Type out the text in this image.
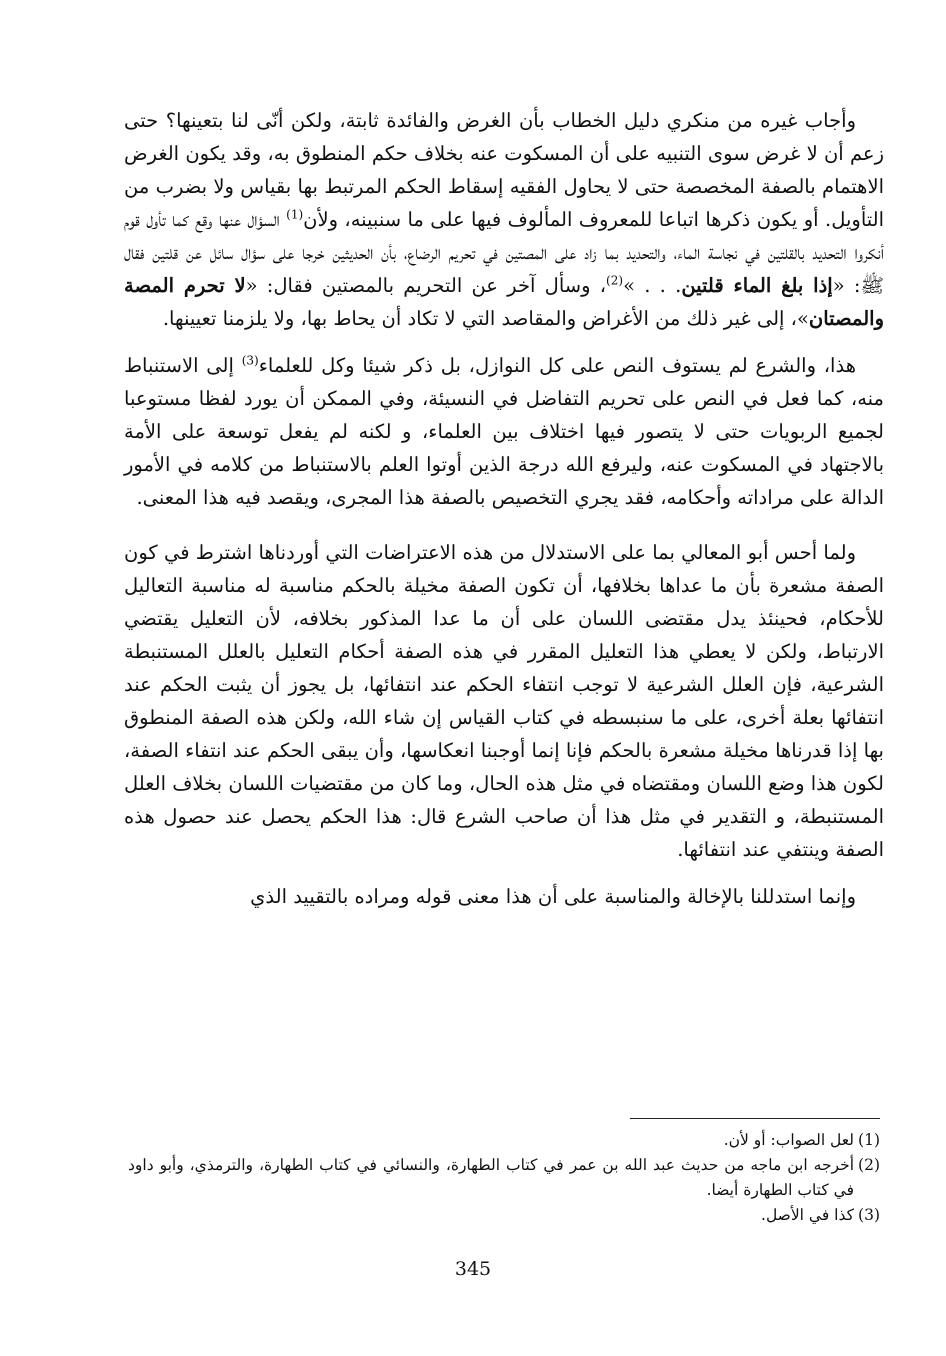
وأجاب غيره من منكري دليل الخطاب بأن الغرض والفائدة ثابتة، ولكن أنّى لنا بتعينها؟ حتى زعم أن لا غرض سوى التنبيه على أن المسكوت عنه بخلاف حكم المنطوق به، وقد يكون الغرض الاهتمام بالصفة المخصصة حتى لا يحاول الفقيه إسقاط الحكم المرتبط بها بقياس ولا بضرب من التأويل. أو يكون ذكرها اتباعا للمعروف المألوف فيها على ما سنبينه، ولأن$^{(1)}$ السؤال عنها وقع كما تأول قوم أنكروا التحديد بالقلتين في نجاسة الماء، والتحديد بما زاد على المصتين في تحريم الرضاع، بأن الحديثين خرجا على سؤال سائل عن قلتين فقال ﷺ: «إذا بلغ الماء قلتين. . . »$^{(2)}$، وسأل آخر عن التحريم بالمصتين فقال: «لا تحرم المصة والمصتان»، إلى غير ذلك من الأغراض والمقاصد التي لا تكاد أن يحاط بها، ولا يلزمنا تعيينها.
هذا، والشرع لم يستوف النص على كل النوازل، بل ذكر شيئا وكل للعلماء$^{(3)}$ إلى الاستنباط منه، كما فعل في النص على تحريم التفاضل في النسيئة، وفي الممكن أن يورد لفظا مستوعبا لجميع الربويات حتى لا يتصور فيها اختلاف بين العلماء، و لكنه لم يفعل توسعة على الأمة بالاجتهاد في المسكوت عنه، وليرفع الله درجة الذين أوتوا العلم بالاستنباط من كلامه في الأمور الدالة على مراداته وأحكامه، فقد يجري التخصيص بالصفة هذا المجرى، ويقصد فيه هذا المعنى.
ولما أحس أبو المعالي بما على الاستدلال من هذه الاعتراضات التي أوردناها اشترط في كون الصفة مشعرة بأن ما عداها بخلافها، أن تكون الصفة مخيلة بالحكم مناسبة له مناسبة التعاليل للأحكام، فحينئذ يدل مقتضى اللسان على أن ما عدا المذكور بخلافه، لأن التعليل يقتضي الارتباط، ولكن لا يعطي هذا التعليل المقرر في هذه الصفة أحكام التعليل بالعلل المستنبطة الشرعية، فإن العلل الشرعية لا توجب انتفاء الحكم عند انتفائها، بل يجوز أن يثبت الحكم عند انتفائها بعلة أخرى، على ما سنبسطه في كتاب القياس إن شاء الله، ولكن هذه الصفة المنطوق بها إذا قدرناها مخيلة مشعرة بالحكم فإنا إنما أوجبنا انعكاسها، وأن يبقى الحكم عند انتفاء الصفة، لكون هذا وضع اللسان ومقتضاه في مثل هذه الحال، وما كان من مقتضيات اللسان بخلاف العلل المستنبطة، و التقدير في مثل هذا أن صاحب الشرع قال: هذا الحكم يحصل عند حصول هذه الصفة وينتفي عند انتفائها.
وإنما استدللنا بالإخالة والمناسبة على أن هذا معنى قوله ومراده بالتقييد الذي
(1)
لعل الصواب: أو لأن.
(2)
أخرجه ابن ماجه من حديث عبد الله بن عمر في كتاب الطهارة، والنسائي في كتاب الطهارة، والترمذي، وأبو داود في كتاب الطهارة أيضا.
(3)
كذا في الأصل.
345
